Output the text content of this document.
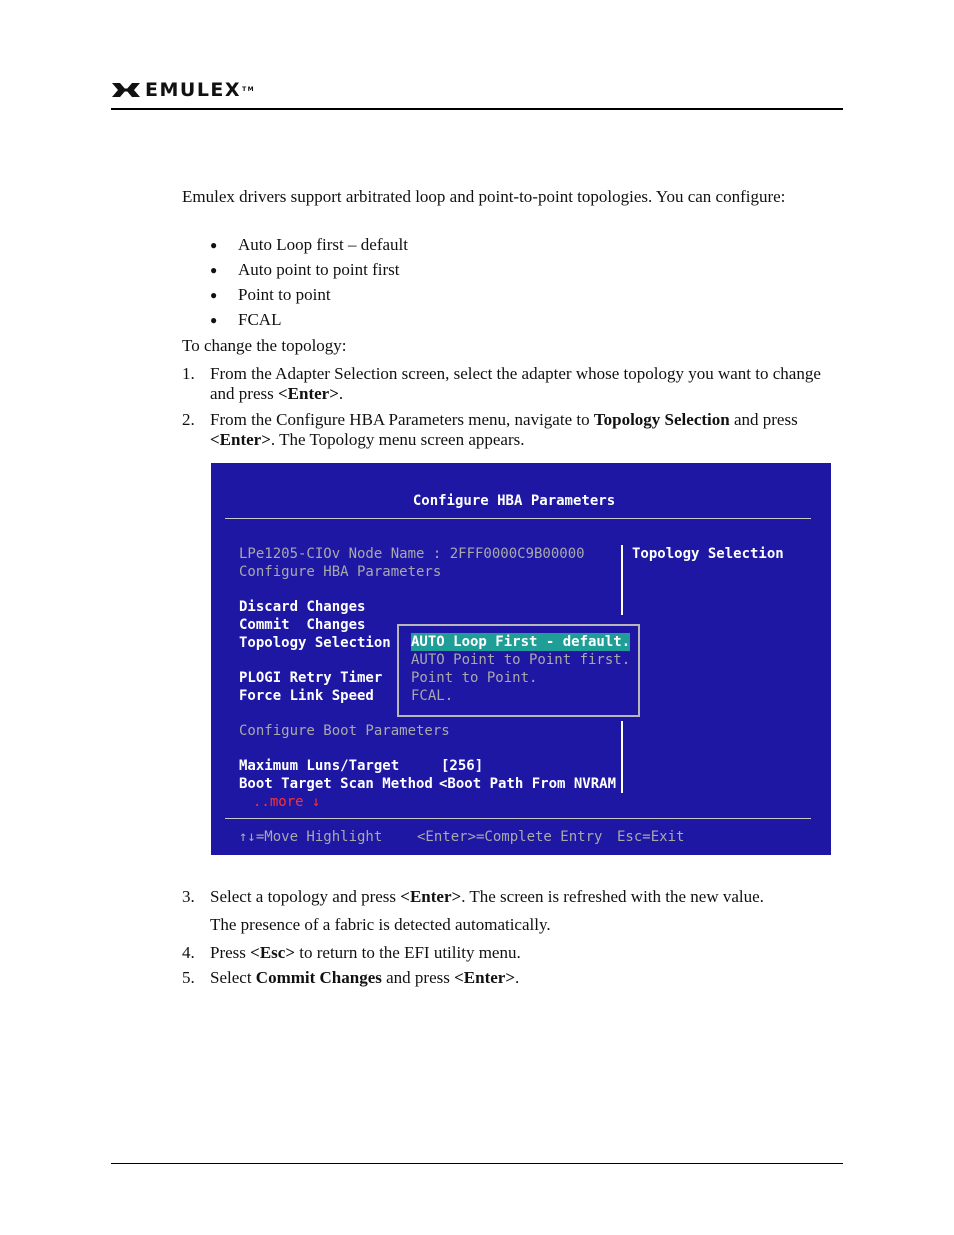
EMULEX™
Emulex drivers support arbitrated loop and point-to-point topologies. You can configure:
● Auto Loop first – default
● Auto point to point first
● Point to point
● FCAL
To change the topology:
1. From the Adapter Selection screen, select the adapter whose topology you want to change and press <Enter>.
2. From the Configure HBA Parameters menu, navigate to Topology Selection and press <Enter>. The Topology menu screen appears.
Configure HBA Parameters
LPe1205-CIOv Node Name : 2FFF0000C9B00000
Configure HBA Parameters
Topology Selection
Discard Changes
Commit  Changes
Topology Selection
PLOGI Retry Timer
Force Link Speed
AUTO Loop First - default.
AUTO Point to Point first.
Point to Point.
FCAL.
Configure Boot Parameters
Maximum Luns/Target	[256]
Boot Target Scan Method <Boot Path From NVRAM
..more ↓
↑↓=Move Highlight <Enter>=Complete Entry Esc=Exit
3. Select a topology and press <Enter>. The screen is refreshed with the new value.
The presence of a fabric is detected automatically.
4. Press <Esc> to return to the EFI utility menu.
5. Select Commit Changes and press <Enter>.
